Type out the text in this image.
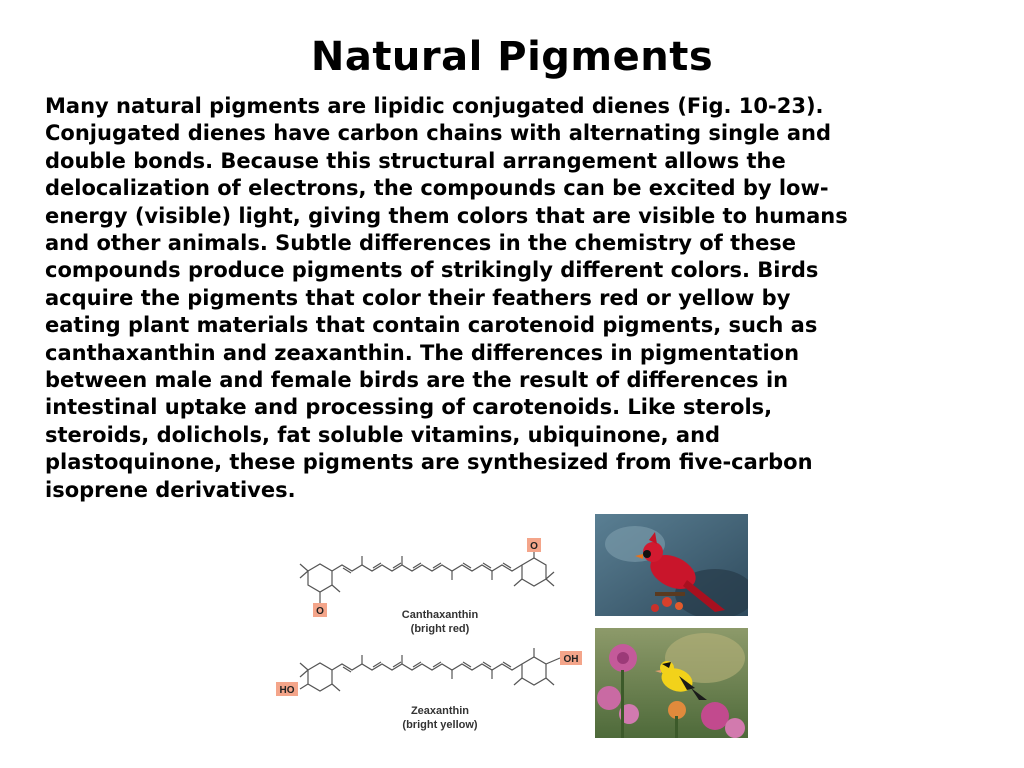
Natural Pigments
Many natural pigments are lipidic conjugated dienes (Fig. 10-23).
Conjugated dienes have carbon chains with alternating single and
double bonds. Because this structural arrangement allows the
delocalization of electrons, the compounds can be excited by low-
energy (visible) light, giving them colors that are visible to humans
and other animals. Subtle differences in the chemistry of these
compounds produce pigments of strikingly different colors. Birds
acquire the pigments that color their feathers red or yellow by
eating plant materials that contain carotenoid pigments, such as
canthaxanthin and zeaxanthin. The differences in pigmentation
between male and female birds are the result of differences in
intestinal uptake and processing of carotenoids. Like sterols,
steroids, dolichols, fat soluble vitamins, ubiquinone, and
plastoquinone, these pigments are synthesized from five-carbon
isoprene derivatives.
O
O
OH
HO
Canthaxanthin
(bright red)
Zeaxanthin
(bright yellow)
